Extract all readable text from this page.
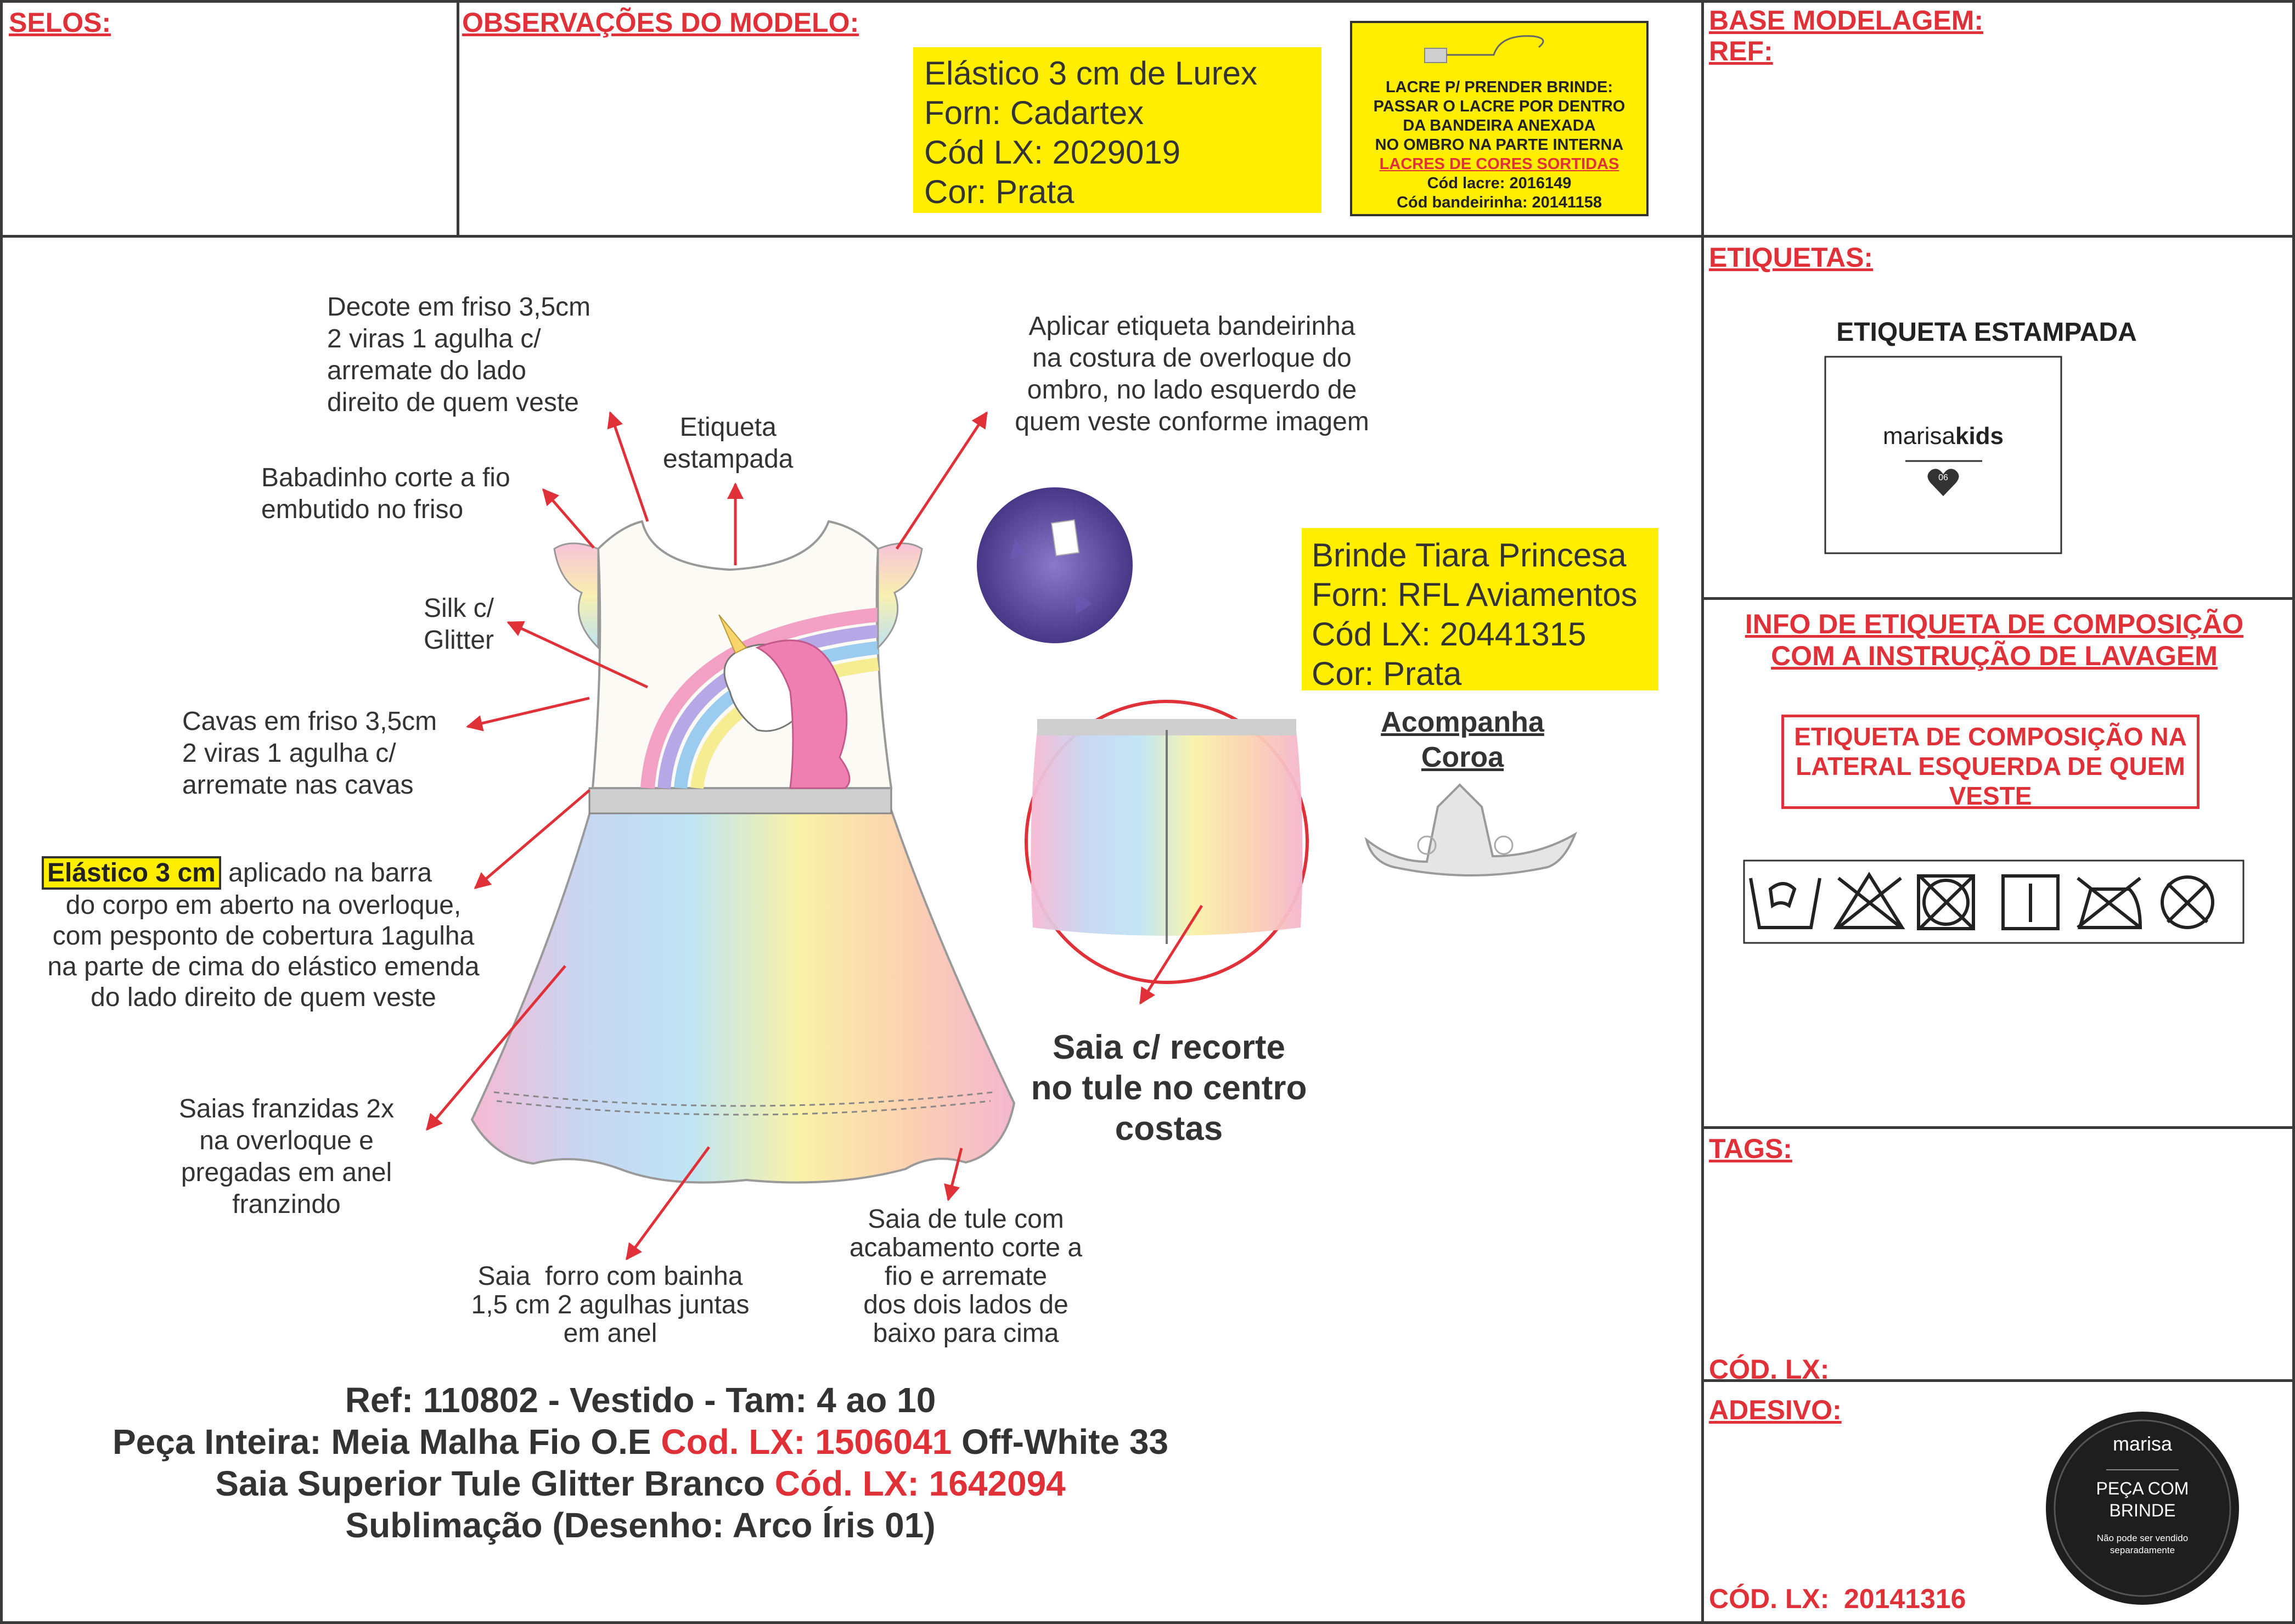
SELOS:	OBSERVAÇÕES DO MODELO:	BASE MODELAGEM:
REF:
ETIQUETAS:
INFO DE ETIQUETA DE COMPOSIÇÃO
COM A INSTRUÇÃO DE LAVAGEM
TAGS:
CÓD. LX:
ADESIVO:
CÓD. LX: 20141316
Elástico 3 cm de Lurex
Forn: Cadartex
Cód LX: 2029019
Cor: Prata
LACRE P/ PRENDER BRINDE:
PASSAR O LACRE POR DENTRO
DA BANDEIRA ANEXADA
NO OMBRO NA PARTE INTERNA
LACRES DE CORES SORTIDAS
Cód lacre: 2016149
Cód bandeirinha: 20141158
Brinde Tiara Princesa
Forn: RFL Aviamentos
Cód LX: 20441315
Cor: Prata
Acompanha
Coroa
Decote em friso 3,5cm
2 viras 1 agulha c/
arremate do lado
direito de quem veste
Etiqueta
estampada
Babadinho corte a fio
embutido no friso
Silk c/
Glitter
Cavas em friso 3,5cm
2 viras 1 agulha c/
arremate nas cavas
Elástico 3 cm aplicado na barra
do corpo em aberto na overloque,
com pesponto de cobertura 1agulha
na parte de cima do elástico emenda
do lado direito de quem veste
Saias franzidas 2x
na overloque e
pregadas em anel
franzindo
Saia  forro com bainha
1,5 cm 2 agulhas juntas
em anel
Saia de tule com
acabamento corte a
fio e arremate
dos dois lados de
baixo para cima
Aplicar etiqueta bandeirinha
na costura de overloque do
ombro, no lado esquerdo de
quem veste conforme imagem
Saia c/ recorte
no tule no centro
costas
ETIQUETA ESTAMPADA
marisakids
06
ETIQUETA DE COMPOSIÇÃO NA
LATERAL ESQUERDA DE QUEM
VESTE
marisa
PEÇA COM
BRINDE
Não pode ser vendido
separadamente
Ref: 110802 - Vestido - Tam: 4 ao 10
Peça Inteira: Meia Malha Fio O.E Cod. LX: 1506041 Off-White 33
Saia Superior Tule Glitter Branco Cód. LX: 1642094
Sublimação (Desenho: Arco Íris 01)
